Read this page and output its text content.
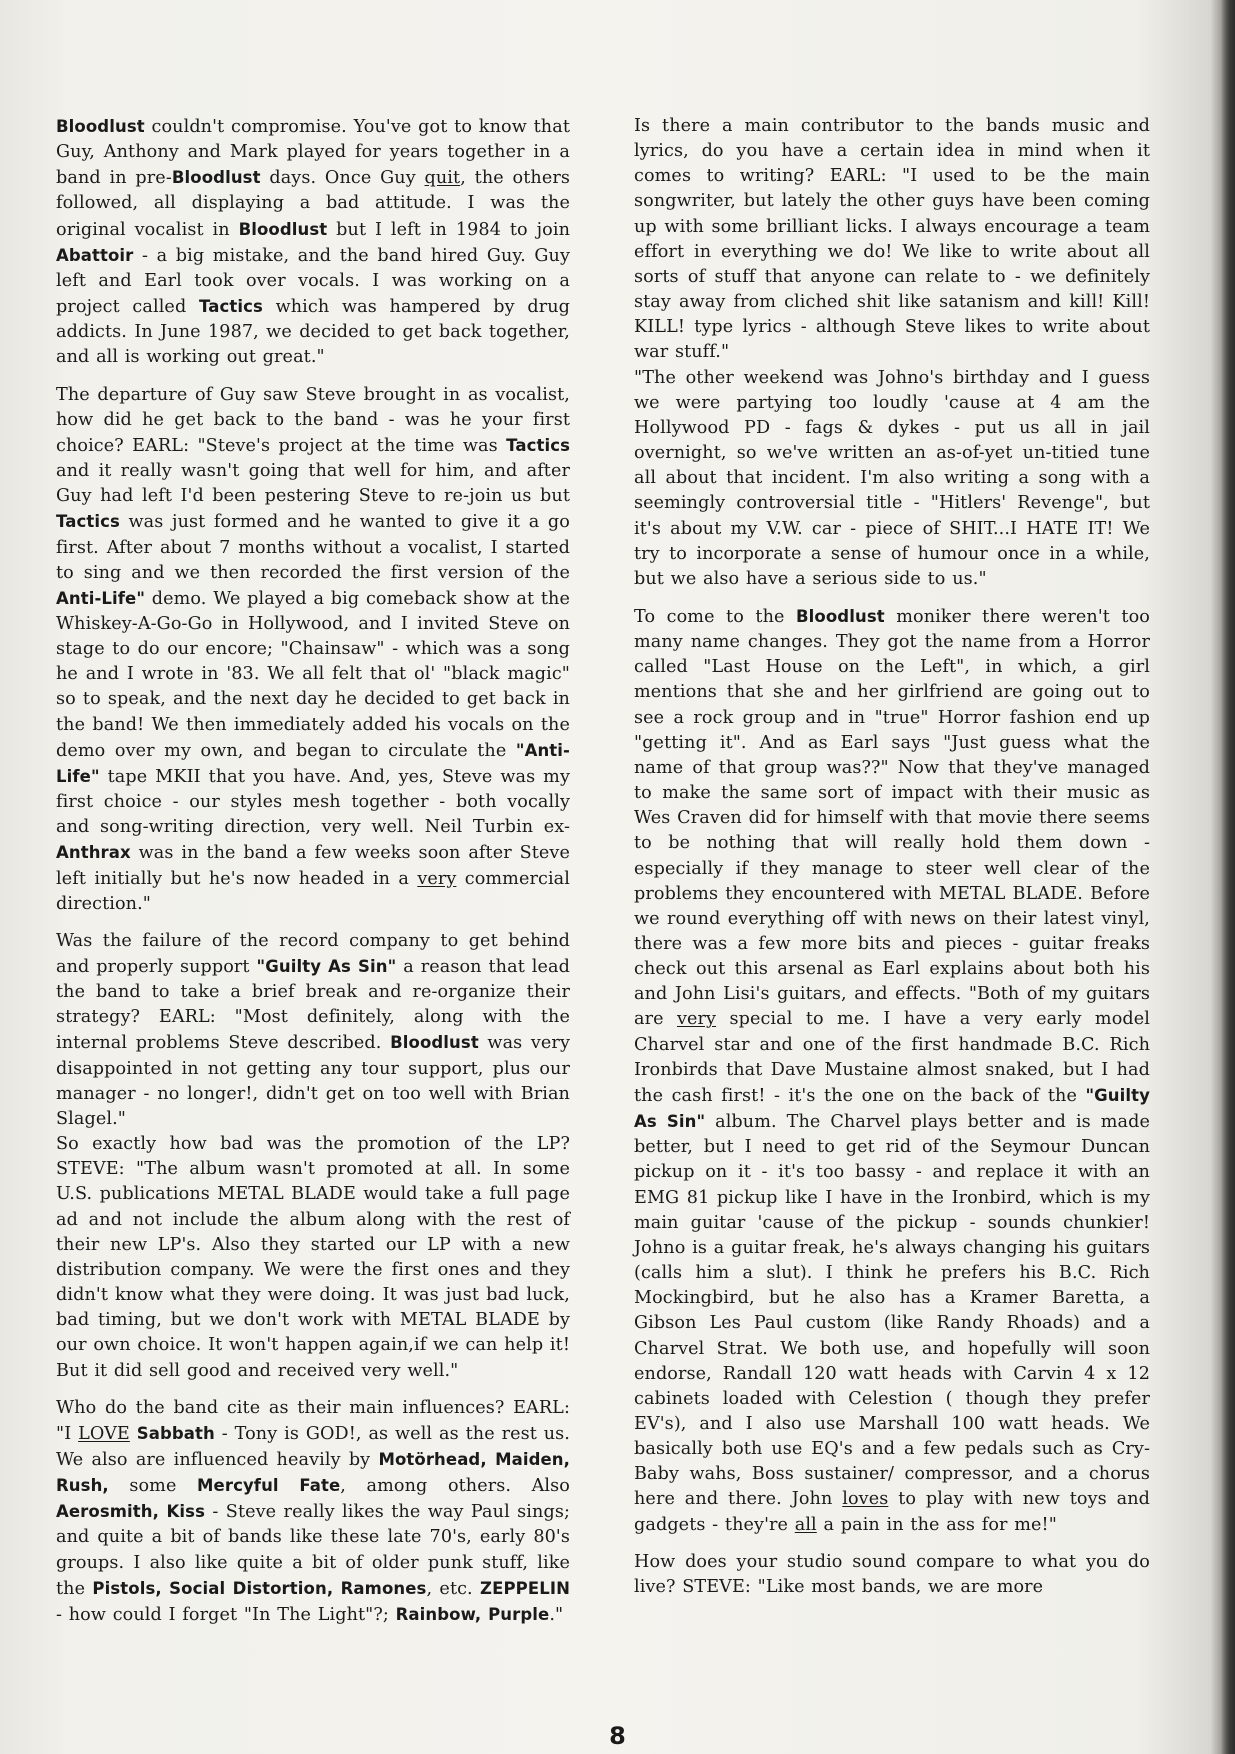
Bloodlust couldn't compromise. You've got to know that Guy, Anthony and Mark played for years together in a band in pre-Bloodlust days. Once Guy quit, the others followed, all displaying a bad attitude. I was the original vocalist in Bloodlust but I left in 1984 to join Abattoir - a big mistake, and the band hired Guy. Guy left and Earl took over vocals. I was working on a project called Tactics which was hampered by drug addicts. In June 1987, we decided to get back together, and all is working out great."

The departure of Guy saw Steve brought in as vocalist, how did he get back to the band - was he your first choice? EARL: "Steve's project at the time was Tactics and it really wasn't going that well for him, and after Guy had left I'd been pestering Steve to re-join us but Tactics was just formed and he wanted to give it a go first. After about 7 months without a vocalist, I started to sing and we then recorded the first version of the Anti-Life" demo. We played a big comeback show at the Whiskey-A-Go-Go in Hollywood, and I invited Steve on stage to do our encore; "Chainsaw" - which was a song he and I wrote in '83. We all felt that ol' "black magic" so to speak, and the next day he decided to get back in the band! We then immediately added his vocals on the demo over my own, and began to circulate the "Anti-Life" tape MKII that you have. And, yes, Steve was my first choice - our styles mesh together - both vocally and song-writing direction, very well. Neil Turbin ex-Anthrax was in the band a few weeks soon after Steve left initially but he's now headed in a very commercial direction."

Was the failure of the record company to get behind and properly support "Guilty As Sin" a reason that lead the band to take a brief break and re-organize their strategy? EARL: "Most definitely, along with the internal problems Steve described. Bloodlust was very disappointed in not getting any tour support, plus our manager - no longer!, didn't get on too well with Brian Slagel."

So exactly how bad was the promotion of the LP? STEVE: "The album wasn't promoted at all. In some U.S. publications METAL BLADE would take a full page ad and not include the album along with the rest of their new LP's. Also they started our LP with a new distribution company. We were the first ones and they didn't know what they were doing. It was just bad luck, bad timing, but we don't work with METAL BLADE by our own choice. It won't happen again,if we can help it! But it did sell good and received very well."

Who do the band cite as their main influences? EARL: "I LOVE Sabbath - Tony is GOD!, as well as the rest us. We also are influenced heavily by Motörhead, Maiden, Rush, some Mercyful Fate, among others. Also Aerosmith, Kiss - Steve really likes the way Paul sings; and quite a bit of bands like these late 70's, early 80's groups. I also like quite a bit of older punk stuff, like the Pistols, Social Distortion, Ramones, etc. ZEPPELIN - how could I forget "In The Light"?; Rainbow, Purple."

Is there a main contributor to the bands music and lyrics, do you have a certain idea in mind when it comes to writing? EARL: "I used to be the main songwriter, but lately the other guys have been coming up with some brilliant licks. I always encourage a team effort in everything we do! We like to write about all sorts of stuff that anyone can relate to - we definitely stay away from cliched shit like satanism and kill! Kill! KILL! type lyrics - although Steve likes to write about war stuff."

"The other weekend was Johno's birthday and I guess we were partying too loudly 'cause at 4 am the Hollywood PD - fags & dykes - put us all in jail overnight, so we've written an as-of-yet un-titied tune all about that incident. I'm also writing a song with a seemingly controversial title - "Hitlers' Revenge", but it's about my V.W. car - piece of SHIT...I HATE IT! We try to incorporate a sense of humour once in a while, but we also have a serious side to us."

To come to the Bloodlust moniker there weren't too many name changes. They got the name from a Horror called "Last House on the Left", in which, a girl mentions that she and her girlfriend are going out to see a rock group and in "true" Horror fashion end up "getting it". And as Earl says "Just guess what the name of that group was??" Now that they've managed to make the same sort of impact with their music as Wes Craven did for himself with that movie there seems to be nothing that will really hold them down - especially if they manage to steer well clear of the problems they encountered with METAL BLADE. Before we round everything off with news on their latest vinyl, there was a few more bits and pieces - guitar freaks check out this arsenal as Earl explains about both his and John Lisi's guitars, and effects. "Both of my guitars are very special to me. I have a very early model Charvel star and one of the first handmade B.C. Rich Ironbirds that Dave Mustaine almost snaked, but I had the cash first! - it's the one on the back of the "Guilty As Sin" album. The Charvel plays better and is made better, but I need to get rid of the Seymour Duncan pickup on it - it's too bassy - and replace it with an EMG 81 pickup like I have in the Ironbird, which is my main guitar 'cause of the pickup - sounds chunkier! Johno is a guitar freak, he's always changing his guitars (calls him a slut). I think he prefers his B.C. Rich Mockingbird, but he also has a Kramer Baretta, a Gibson Les Paul custom (like Randy Rhoads) and a Charvel Strat. We both use, and hopefully will soon endorse, Randall 120 watt heads with Carvin 4 x 12 cabinets loaded with Celestion ( though they prefer EV's), and I also use Marshall 100 watt heads. We basically both use EQ's and a few pedals such as Cry-Baby wahs, Boss sustainer/ compressor, and a chorus here and there. John loves to play with new toys and gadgets - they're all a pain in the ass for me!"

How does your studio sound compare to what you do live? STEVE: "Like most bands, we are more

8
